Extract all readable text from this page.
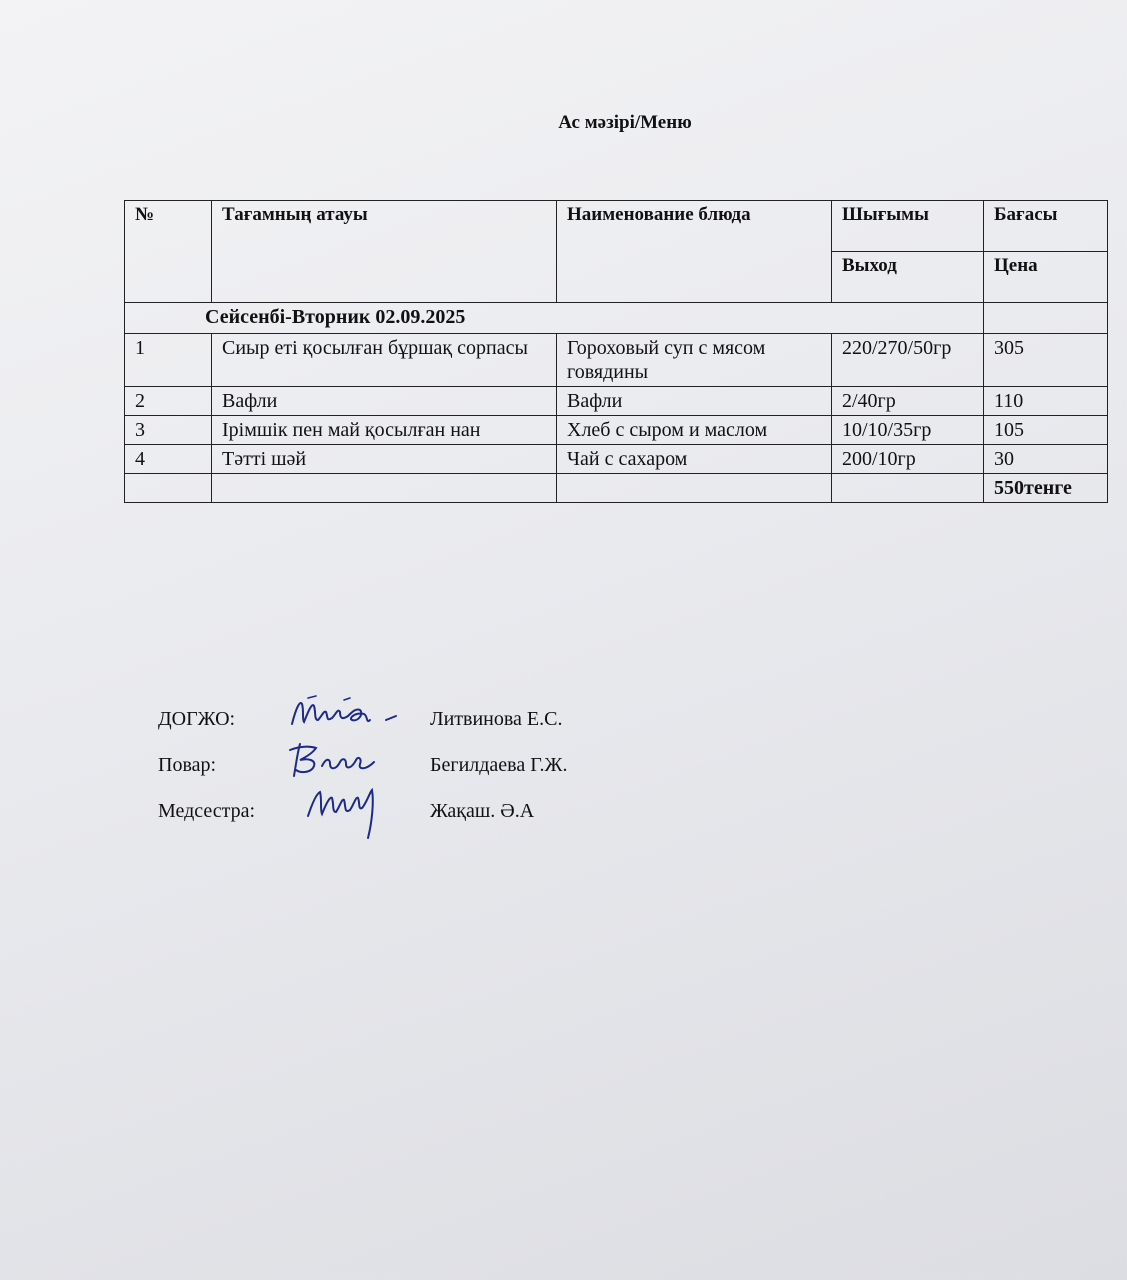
Ас мәзірі/Меню
№	Тағамның атауы	Наименование блюда	Шығымы	Бағасы
			Выход	Цена
Сейсенбі-Вторник 02.09.2025				
1	Сиыр еті қосылған бұршақ сорпасы	Гороховый суп с мясом говядины	220/270/50гр	305
2	Вафли	Вафли	2/40гр	110
3	Ірімшік пен май қосылған нан	Хлеб с сыром и маслом	10/10/35гр	105
4	Тәтті шәй	Чай с сахаром	200/10гр	30
				550тенге
ДОГЖО:	Литвинова Е.С.
Повар:	Бегилдаева Г.Ж.
Медсестра:	Жақаш. Ә.А
